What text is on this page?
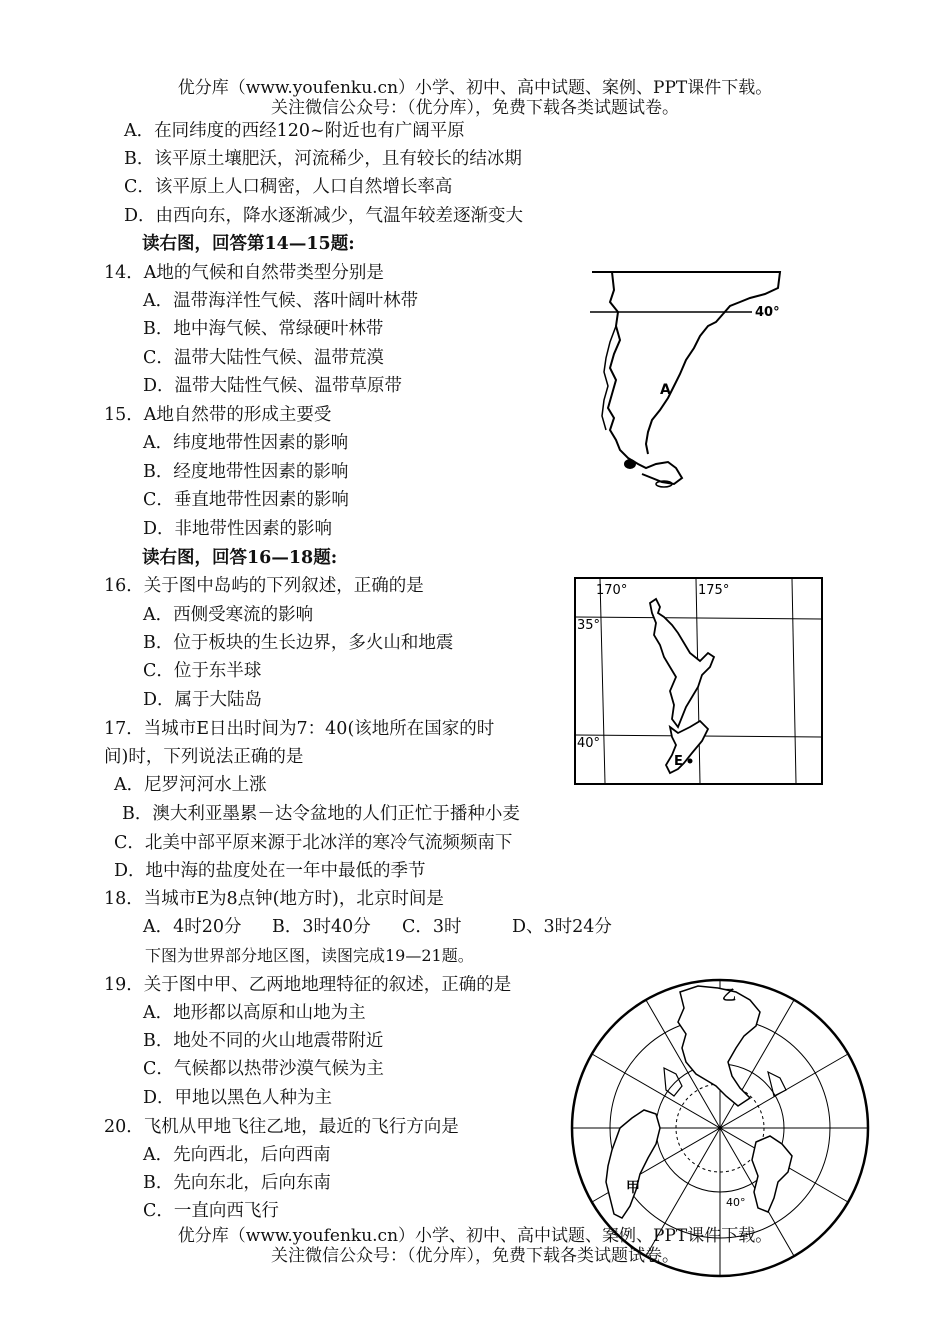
优分库（www.youfenku.cn）小学、初中、高中试题、案例、PPT课件下载。
关注微信公众号：（优分库），免费下载各类试题试卷。
A．在同纬度的西经120~附近也有广阔平原
B．该平原土壤肥沃，河流稀少，且有较长的结冰期
C．该平原上人口稠密，人口自然增长率高
D．由西向东，降水逐渐减少，气温年较差逐渐变大
读右图，回答第14—15题:
14．A地的气候和自然带类型分别是
A．温带海洋性气候、落叶阔叶林带
B．地中海气候、常绿硬叶林带
C．温带大陆性气候、温带荒漠
D．温带大陆性气候、温带草原带
15．A地自然带的形成主要受
A．纬度地带性因素的影响
B．经度地带性因素的影响
C．垂直地带性因素的影响
D．非地带性因素的影响
40°
A
读右图，回答16—18题:
16．关于图中岛屿的下列叙述，正确的是
A．西侧受寒流的影响
B．位于板块的生长边界，多火山和地震
C．位于东半球
D．属于大陆岛
170°	175°
35°
40°
E
17．当城市E日出时间为7：40(该地所在国家的时
间)时，下列说法正确的是
A．尼罗河河水上涨
B．澳大利亚墨累－达令盆地的人们正忙于播种小麦
C．北美中部平原来源于北冰洋的寒冷气流频频南下
D．地中海的盐度处在一年中最低的季节
18．当城市E为8点钟(地方时)，北京时间是
A．4时20分 B．3时40分 C．3时	D、3时24分
下图为世界部分地区图，读图完成19—21题。
19．关于图中甲、乙两地地理特征的叙述，正确的是
A．地形都以高原和山地为主
B．地处不同的火山地震带附近
C．气候都以热带沙漠气候为主
D．甲地以黑色人种为主
20．飞机从甲地飞往乙地，最近的飞行方向是
A．先向西北，后向西南
B．先向东北，后向东南
C．一直向西飞行
乙
甲
40°
优分库（www.youfenku.cn）小学、初中、高中试题、案例、PPT课件下载。
关注微信公众号：（优分库），免费下载各类试题试卷。
